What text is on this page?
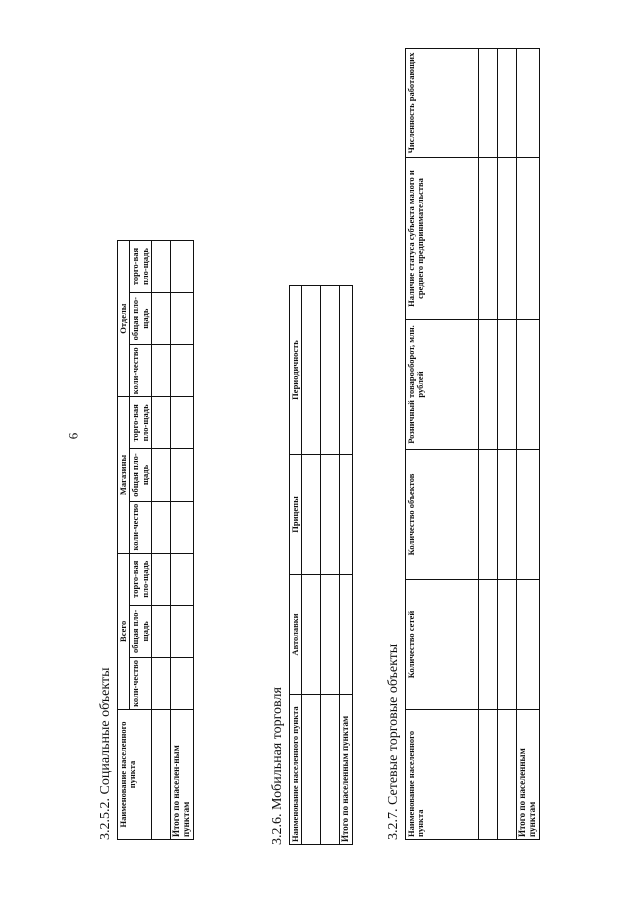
6
3.2.5.2. Социальные объекты Наименование населенного пункта	Всего			Магазины			Отделы		
	коли-чество	общая пло-щадь	торго-вая пло-щадь	коли-чество	общая пло-щадь	торго-вая пло-щадь	коли-чество	общая пло-щадь	торго-вая пло-щадь

Итого по населен-ным пунктам										3.2.6. Мобильная торговля Наименование населенного пункта	Автолавки	Прицепы	Периодичность

Итого по населенным пунктам				3.2.7. Сетевые торговые объекты Наименование населенного пункта	Количество сетей	Количество объектов	Розничный товарооборот, млн. рублей	Наличие статуса субъекта малого и среднего предпринимательства	Численность работающих

Итого по населенным пунктам					
